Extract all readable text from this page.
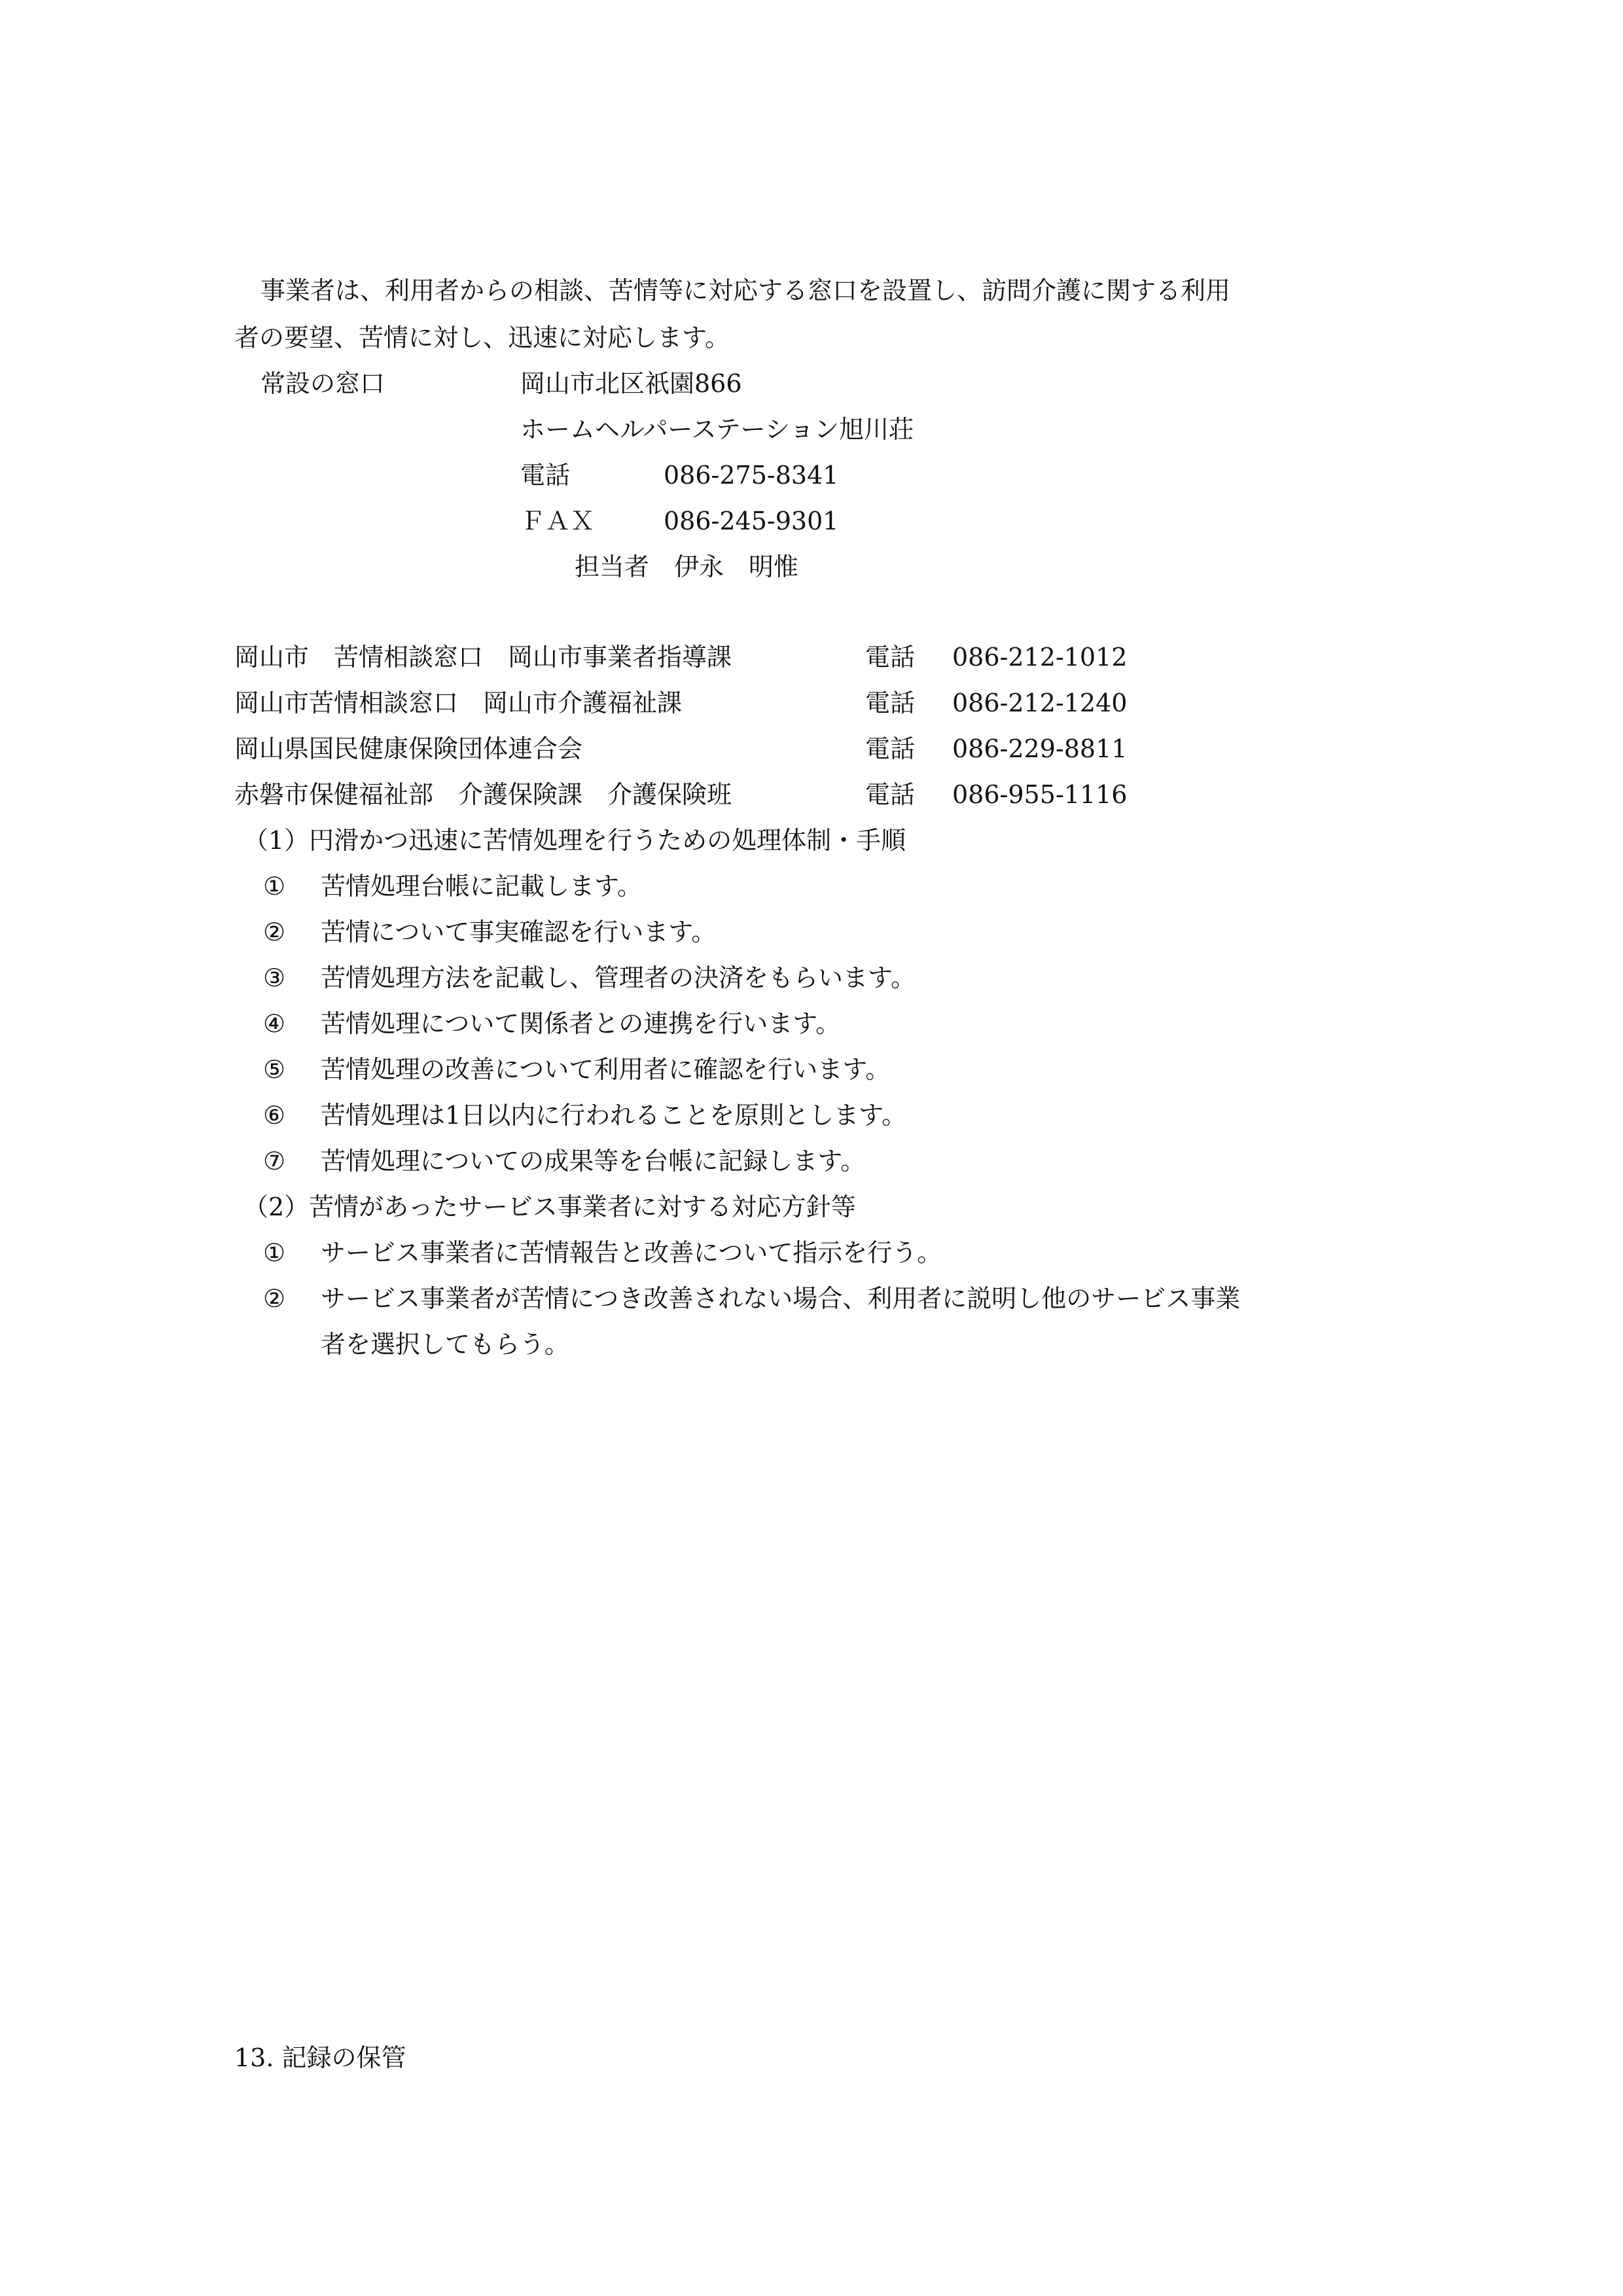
事業者は、利用者からの相談、苦情等に対応する窓口を設置し、訪問介護に関する利用
者の要望、苦情に対し、迅速に対応します。
常設の窓口	岡山市北区祇園866
ホームヘルパーステーション旭川荘
電話	086-275-8341
ＦＡＸ	086-245-9301
担当者　伊永　明惟
岡山市　苦情相談窓口　岡山市事業者指導課	電話 086-212-1012
岡山市苦情相談窓口　岡山市介護福祉課	電話 086-212-1240
岡山県国民健康保険団体連合会	電話 086-229-8811
赤磐市保健福祉部　介護保険課　介護保険班	電話 086-955-1116
（1）円滑かつ迅速に苦情処理を行うための処理体制・手順
① 苦情処理台帳に記載します。
② 苦情について事実確認を行います。
③ 苦情処理方法を記載し、管理者の決済をもらいます。
④ 苦情処理について関係者との連携を行います。
⑤ 苦情処理の改善について利用者に確認を行います。
⑥ 苦情処理は1日以内に行われることを原則とします。
⑦ 苦情処理についての成果等を台帳に記録します。
（2）苦情があったサービス事業者に対する対応方針等
① サービス事業者に苦情報告と改善について指示を行う。
② サービス事業者が苦情につき改善されない場合、利用者に説明し他のサービス事業
者を選択してもらう。
13. 記録の保管
